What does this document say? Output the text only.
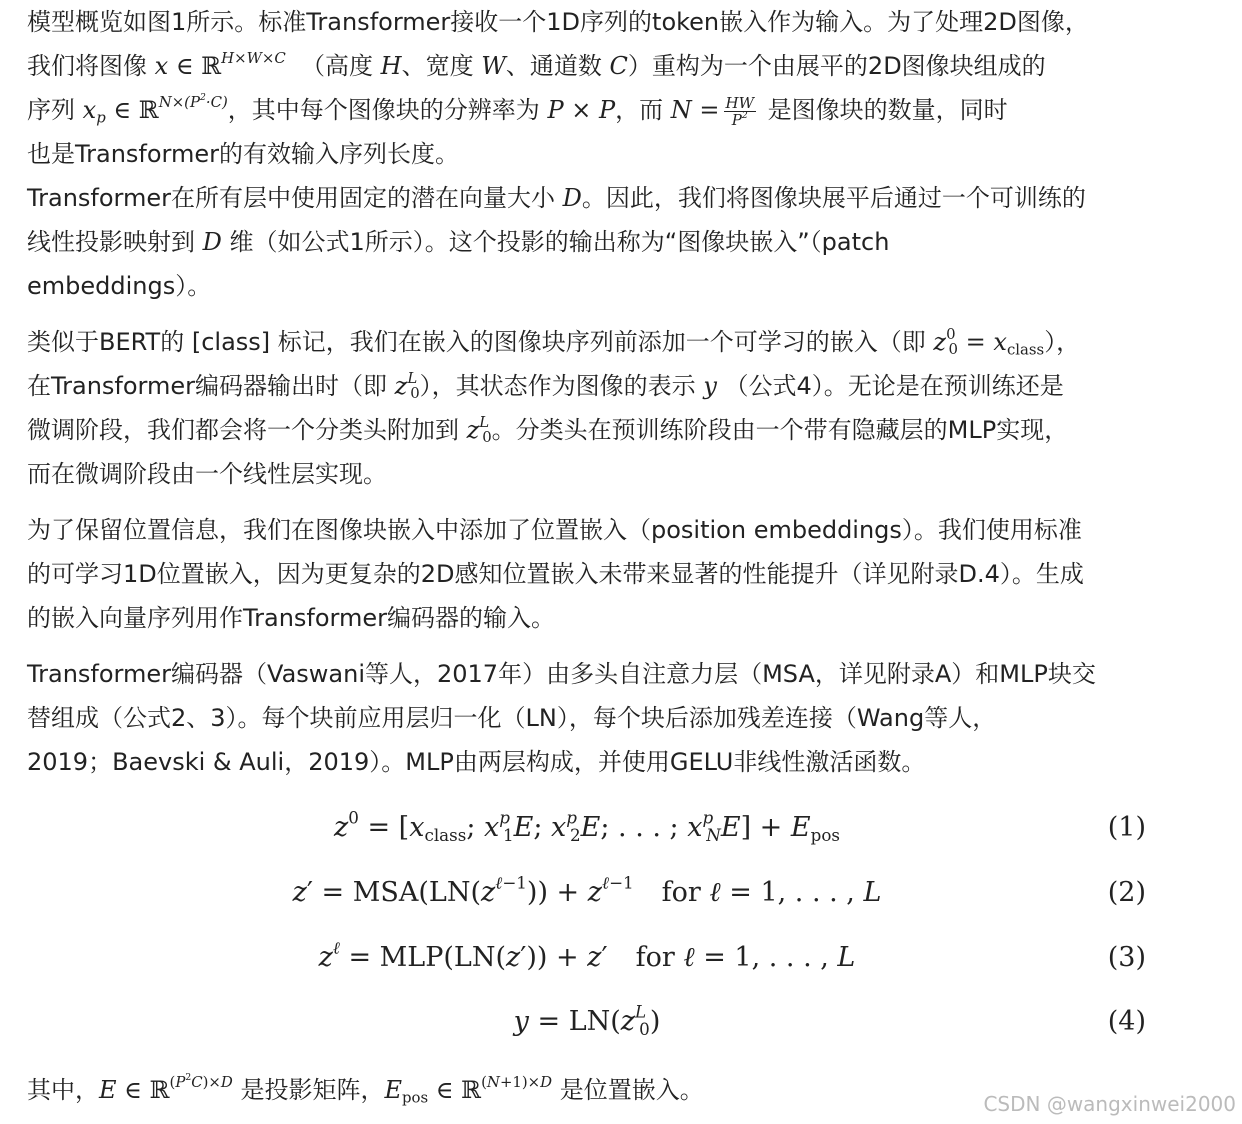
模型概览如图1所示。标准Transformer接收一个1D序列的token嵌入作为输入。为了处理2D图像，

我们将图像 x ∈ ℝ$^{H\times W\times C}$ （高度 H、宽度 W、通道数 C）重构为一个由展平的2D图像块组成的

序列 $x_p$ ∈ ℝ$^{N\times(P^2\cdot C)}$，其中每个图像块的分辨率为 P × P，而 $N = \frac{HW}{P^2}$ 是图像块的数量，同时

也是Transformer的有效输入序列长度。

Transformer在所有层中使用固定的潜在向量大小 D。因此，我们将图像块展平后通过一个可训练的

线性投影映射到 D 维（如公式1所示）。这个投影的输出称为“图像块嵌入”（patch

embeddings）。

类似于BERT的 [class] 标记，我们在嵌入的图像块序列前添加一个可学习的嵌入（即 $z^0_0 = x_{class}$），

在Transformer编码器输出时（即 $z^L_0$），其状态作为图像的表示 y （公式4）。无论是在预训练还是

微调阶段，我们都会将一个分类头附加到 $z^L_0$。分类头在预训练阶段由一个带有隐藏层的MLP实现，

而在微调阶段由一个线性层实现。

为了保留位置信息，我们在图像块嵌入中添加了位置嵌入（position embeddings）。我们使用标准

的可学习1D位置嵌入，因为更复杂的2D感知位置嵌入未带来显著的性能提升（详见附录D.4）。生成

的嵌入向量序列用作Transformer编码器的输入。

Transformer编码器（Vaswani等人，2017年）由多头自注意力层（MSA，详见附录A）和MLP块交

替组成（公式2、3）。每个块前应用层归一化（LN），每个块后添加残差连接（Wang等人，

2019；Baevski & Auli，2019）。MLP由两层构成，并使用GELU非线性激活函数。

$z^0 = [x_{class}$; $x^p_1E$; $x^p_2E$; . . . ; $x^p_NE] + E_{pos}$	(1)
$z' = MSA(LN(z^{\ell-1})) + z^{\ell-1}$ for ℓ = 1, . . . , L	(2)
$z^\ell = MLP(LN(z')) + z'$ for ℓ = 1, . . . , L	(3)
$y = LN(z^L_0)$	(4)

其中，E ∈ ℝ$^{(P^2C)\times D}$ 是投影矩阵，$E_{pos}$ ∈ ℝ$^{(N+1)\times D}$ 是位置嵌入。	CSDN @wangxinwei2000
